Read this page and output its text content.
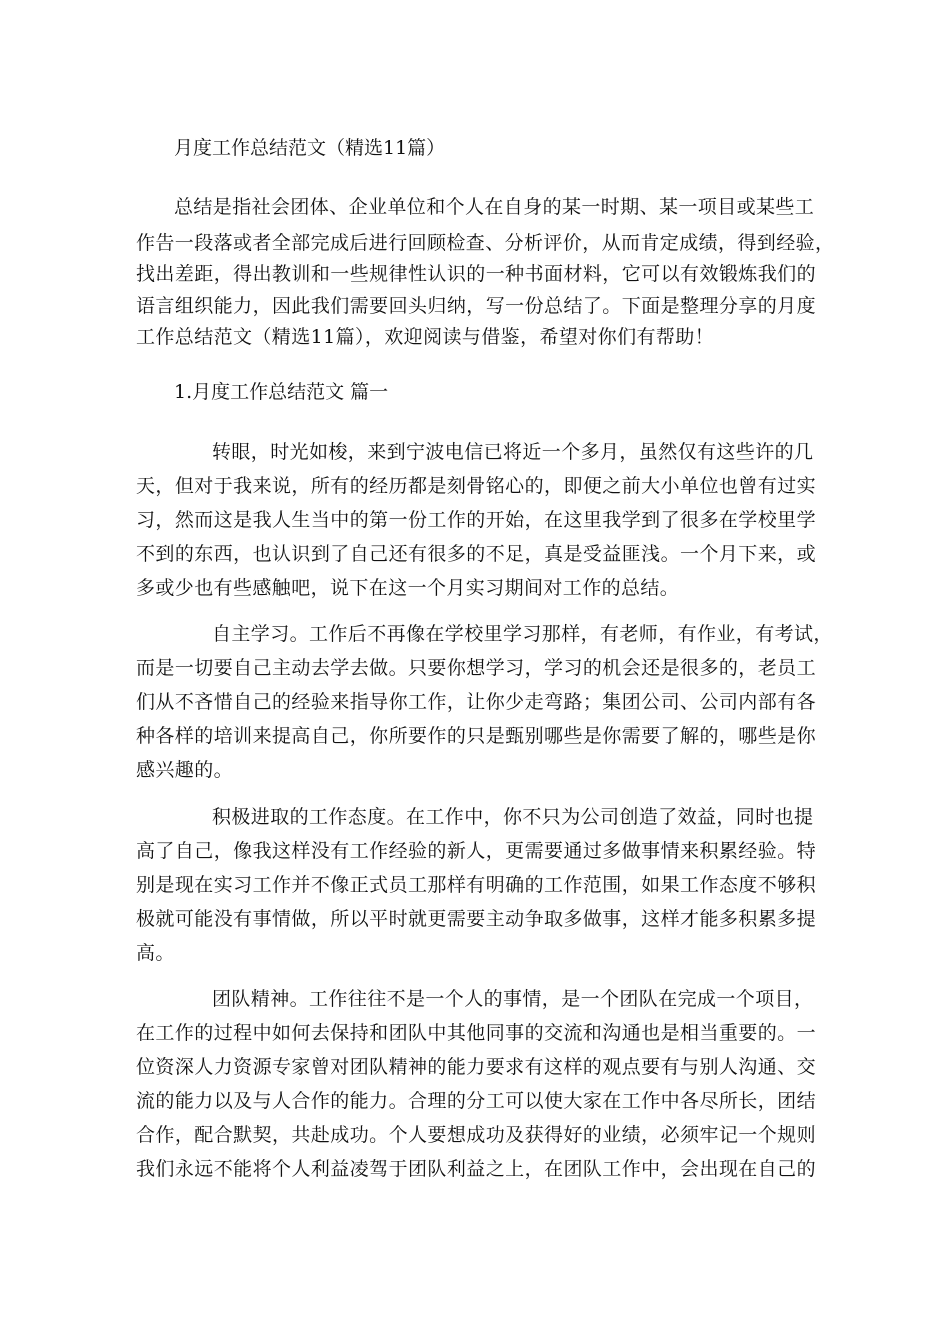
月度工作总结范文（精选11篇）
总结是指社会团体、企业单位和个人在自身的某一时期、某一项目或某些工
作告一段落或者全部完成后进行回顾检查、分析评价，从而肯定成绩，得到经验，
找出差距，得出教训和一些规律性认识的一种书面材料，它可以有效锻炼我们的
语言组织能力，因此我们需要回头归纳，写一份总结了。下面是整理分享的月度
工作总结范文（精选11篇），欢迎阅读与借鉴，希望对你们有帮助！
1.月度工作总结范文 篇一
转眼，时光如梭，来到宁波电信已将近一个多月，虽然仅有这些许的几
天，但对于我来说，所有的经历都是刻骨铭心的，即便之前大小单位也曾有过实
习，然而这是我人生当中的第一份工作的开始，在这里我学到了很多在学校里学
不到的东西，也认识到了自己还有很多的不足，真是受益匪浅。一个月下来，或
多或少也有些感触吧，说下在这一个月实习期间对工作的总结。
自主学习。工作后不再像在学校里学习那样，有老师，有作业，有考试，
而是一切要自己主动去学去做。只要你想学习，学习的机会还是很多的，老员工
们从不吝惜自己的经验来指导你工作，让你少走弯路；集团公司、公司内部有各
种各样的培训来提高自己，你所要作的只是甄别哪些是你需要了解的，哪些是你
感兴趣的。
积极进取的工作态度。在工作中，你不只为公司创造了效益，同时也提
高了自己，像我这样没有工作经验的新人，更需要通过多做事情来积累经验。特
别是现在实习工作并不像正式员工那样有明确的工作范围，如果工作态度不够积
极就可能没有事情做，所以平时就更需要主动争取多做事，这样才能多积累多提
高。
团队精神。工作往往不是一个人的事情，是一个团队在完成一个项目，
在工作的过程中如何去保持和团队中其他同事的交流和沟通也是相当重要的。一
位资深人力资源专家曾对团队精神的能力要求有这样的观点要有与别人沟通、交
流的能力以及与人合作的能力。合理的分工可以使大家在工作中各尽所长，团结
合作，配合默契，共赴成功。个人要想成功及获得好的业绩，必须牢记一个规则
我们永远不能将个人利益凌驾于团队利益之上，在团队工作中，会出现在自己的
